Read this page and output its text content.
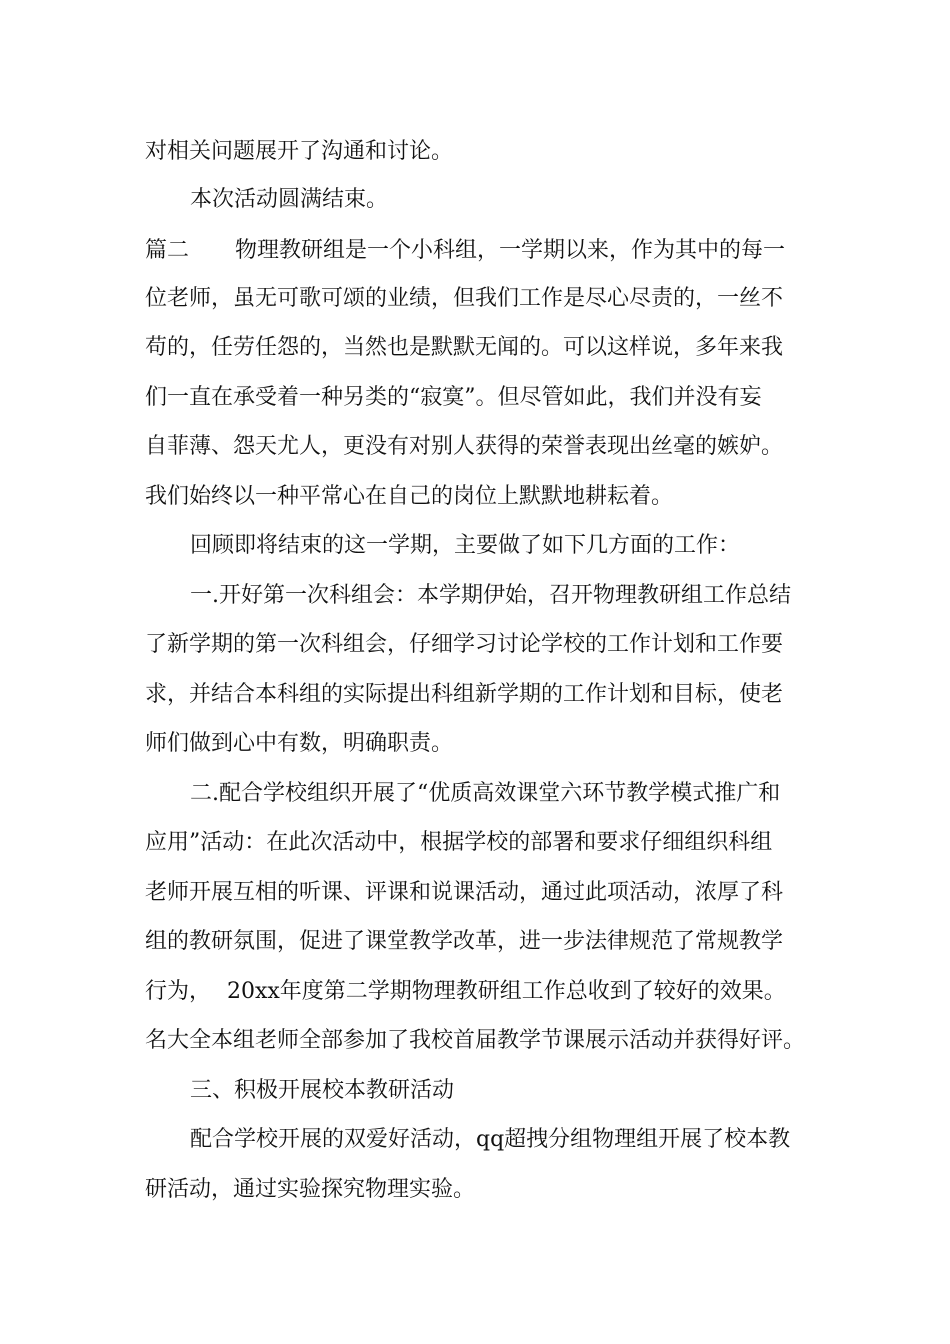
对相关问题展开了沟通和讨论。
本次活动圆满结束。
篇二	物理教研组是一个小科组，一学期以来，作为其中的每一
位老师，虽无可歌可颂的业绩，但我们工作是尽心尽责的，一丝不
苟的，任劳任怨的，当然也是默默无闻的。可以这样说，多年来我
们一直在承受着一种另类的“寂寞”。但尽管如此，我们并没有妄
自菲薄、怨天尤人，更没有对别人获得的荣誉表现出丝毫的嫉妒。
我们始终以一种平常心在自己的岗位上默默地耕耘着。
回顾即将结束的这一学期，主要做了如下几方面的工作：
一.开好第一次科组会：本学期伊始，召开物理教研组工作总结
了新学期的第一次科组会，仔细学习讨论学校的工作计划和工作要
求，并结合本科组的实际提出科组新学期的工作计划和目标，使老
师们做到心中有数，明确职责。
二.配合学校组织开展了“优质高效课堂六环节教学模式推广和
应用”活动：在此次活动中，根据学校的部署和要求仔细组织科组
老师开展互相的听课、评课和说课活动，通过此项活动，浓厚了科
组的教研氛围，促进了课堂教学改革，进一步法律规范了常规教学
行为， 20xx年度第二学期物理教研组工作总收到了较好的效果。
名大全本组老师全部参加了我校首届教学节课展示活动并获得好评。
三、积极开展校本教研活动
配合学校开展的双爱好活动，qq超拽分组物理组开展了校本教
研活动，通过实验探究物理实验。
